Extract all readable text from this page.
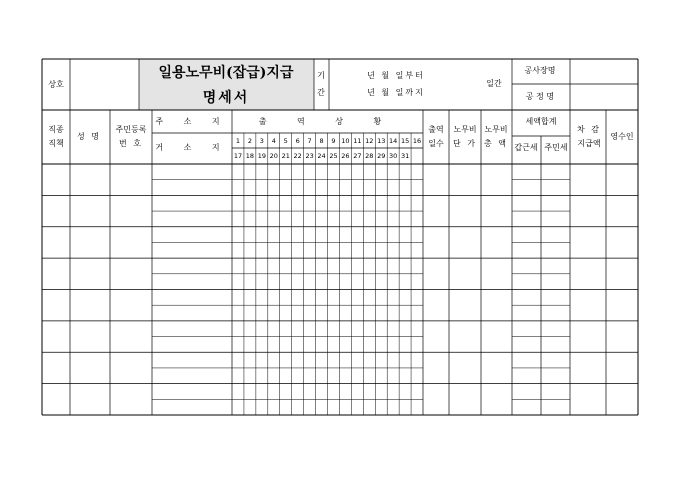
상호
일용노무비(잡급)지급
명세서
기
간
년 월 일부터
년 월 일까지
일간
공사장명
공 정 명
직종
직책
성 명
주민등록
번 호
주 소 지
거 소 지
출 역 상 황
출역
일수
노무비
단 가
노무비
총 액
세액합계
갑근세 주민세
차 감
지급액
영수인
1 2 3 4 5 6 7 8 9 10 11 12 13 14 15 16
17 18 19 20 21 22 23 24 25 26 27 28 29 30 31
